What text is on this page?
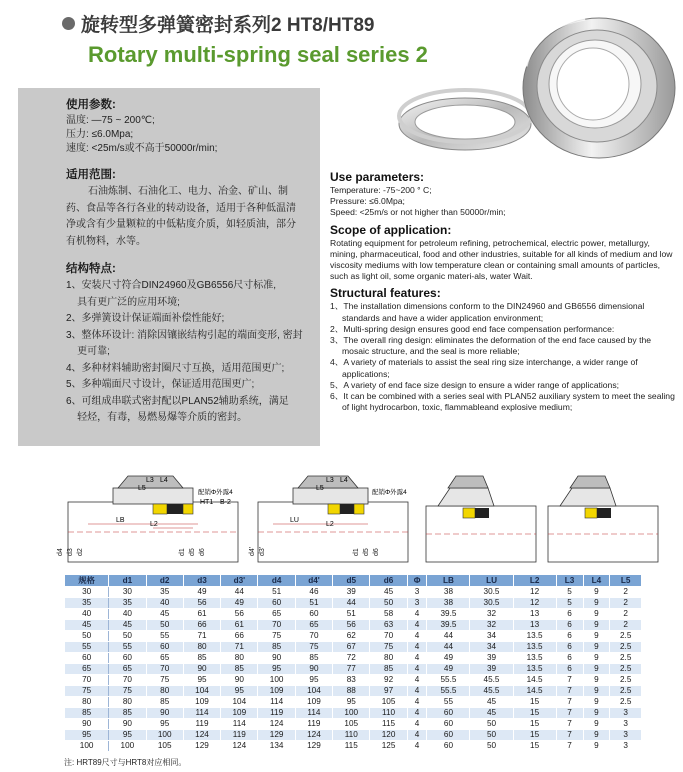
旋转型多弹簧密封系列2 HT8/HT89
Rotary multi-spring seal series 2
使用参数:

温度: —75 ~ 200℃;

压力: ≤6.0Mpa;

速度: <25m/s或不高于50000r/min;

适用范围:

石油炼制、石油化工、电力、冶金、矿山、制

药、食品等各行各业的转动设备，适用于各种低温清

净或含有少量颗粒的中低粘度介质，如轻质油，部分

有机物料，水等。

结构特点:
1、安装尺寸符合DIN24960及GB6556尺寸标准,
具有更广泛的应用环境;
2、多弹簧设计保证端面补偿性能好;
3、整体环设计: 消除因镶嵌结构引起的端面变形, 密封
更可靠;
4、多种材料辅助密封圈尺寸互换，适用范围更广;
5、多种端面尺寸设计，保证适用范围更广;
6、可组成串联式密封配以PLAN52辅助系统，满足
轻烃，有毒，易燃易爆等介质的密封。
Use parameters:

Temperature: -75~200 ° C;

Pressure: ≤6.0Mpa;

Speed: <25m/s or not higher than 50000r/min;

Scope of application:

Rotating equipment for petroleum refining, petrochemical, electric power, metallurgy, mining, pharmaceutical, food and other industries, suitable for all kinds of medium and low viscosity mediums with low temperature clean or containing small amounts of particles, such as light oil, some organic materi-als, water Wait.

Structural features:
1、The installation dimensions conform to the DIN24960 and GB6556 dimensional standards and have a wider application environment;
2、Multi-spring design ensures good end face compensation performance:
3、The overall ring design: eliminates the deformation of the end face caused by the mosaic structure, and the seal is more reliable;
4、A variety of materials to assist the seal ring size interchange, a wider range of applications;
5、A variety of end face size design to ensure a wider range of applications;
6、It can be combined with a series seal with PLAN52 auxiliary system to meet the sealing of light hydrocarbon, toxic, flammableand explosive medium;
LB
L2
L3 L4
L5
配销Φ外露4
HT1 B-2
d4 d3 d2	d1 d5 d6
LU
L2
L3 L4
L5
配销Φ外露4
d4' d3'	d1 d5 d6
规格	d1	d2	d3	d3'	d4	d4'	d5	d6	Φ	LB	LU	L2	L3	L4	L5
30	30	35	49	44	51	46	39	45	3	38	30.5	12	5	9	2
35	35	40	56	49	60	51	44	50	3	38	30.5	12	5	9	2
40	40	45	61	56	65	60	51	58	4	39.5	32	13	6	9	2
45	45	50	66	61	70	65	56	63	4	39.5	32	13	6	9	2
50	50	55	71	66	75	70	62	70	4	44	34	13.5	6	9	2.5
55	55	60	80	71	85	75	67	75	4	44	34	13.5	6	9	2.5
60	60	65	85	80	90	85	72	80	4	49	39	13.5	6	9	2.5
65	65	70	90	85	95	90	77	85	4	49	39	13.5	6	9	2.5
70	70	75	95	90	100	95	83	92	4	55.5	45.5	14.5	7	9	2.5
75	75	80	104	95	109	104	88	97	4	55.5	45.5	14.5	7	9	2.5
80	80	85	109	104	114	109	95	105	4	55	45	15	7	9	2.5
85	85	90	114	109	119	114	100	110	4	60	45	15	7	9	3
90	90	95	119	114	124	119	105	115	4	60	50	15	7	9	3
95	95	100	124	119	129	124	110	120	4	60	50	15	7	9	3
100	100	105	129	124	134	129	115	125	4	60	50	15	7	9	3
注: HRT89尺寸与HRT8对应相同。
